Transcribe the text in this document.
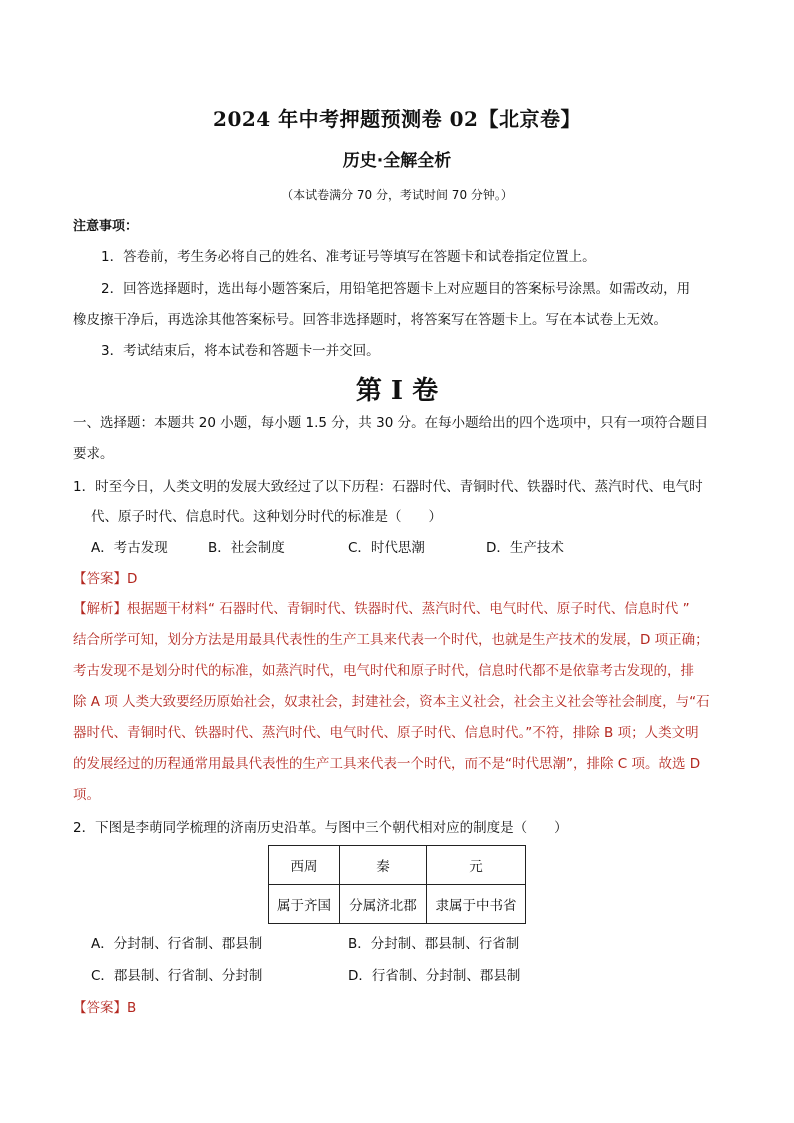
2024 年中考押题预测卷 02【北京卷】
历史·全解全析
（本试卷满分 70 分，考试时间 70 分钟。）
注意事项：
1．答卷前，考生务必将自己的姓名、准考证号等填写在答题卡和试卷指定位置上。
2．回答选择题时，选出每小题答案后，用铅笔把答题卡上对应题目的答案标号涂黑。如需改动，用
橡皮擦干净后，再选涂其他答案标号。回答非选择题时，将答案写在答题卡上。写在本试卷上无效。
3．考试结束后，将本试卷和答题卡一并交回。
第 I 卷
一、选择题：本题共 20 小题，每小题 1.5 分，共 30 分。在每小题给出的四个选项中，只有一项符合题目
要求。
1．时至今日，人类文明的发展大致经过了以下历程：石器时代、青铜时代、铁器时代、蒸汽时代、电气时
代、原子时代、信息时代。这种划分时代的标准是（　　）
A．考古发现	B．社会制度	C．时代思潮	D．生产技术
【答案】D
【解析】根据题干材料“ 石器时代、青铜时代、铁器时代、蒸汽时代、电气时代、原子时代、信息时代 ”
结合所学可知，划分方法是用最具代表性的生产工具来代表一个时代，也就是生产技术的发展，D 项正确；
考古发现不是划分时代的标准，如蒸汽时代，电气时代和原子时代，信息时代都不是依靠考古发现的，排
除 A 项 人类大致要经历原始社会，奴隶社会，封建社会，资本主义社会，社会主义社会等社会制度，与“石
器时代、青铜时代、铁器时代、蒸汽时代、电气时代、原子时代、信息时代。”不符，排除 B 项；人类文明
的发展经过的历程通常用最具代表性的生产工具来代表一个时代，而不是“时代思潮”，排除 C 项。故选 D
项。
2．下图是李萌同学梳理的济南历史沿革。与图中三个朝代相对应的制度是（　　）
西周	秦	元
属于齐国	分属济北郡	隶属于中书省
A．分封制、行省制、郡县制	B．分封制、郡县制、行省制
C．郡县制、行省制、分封制	D．行省制、分封制、郡县制
【答案】B
